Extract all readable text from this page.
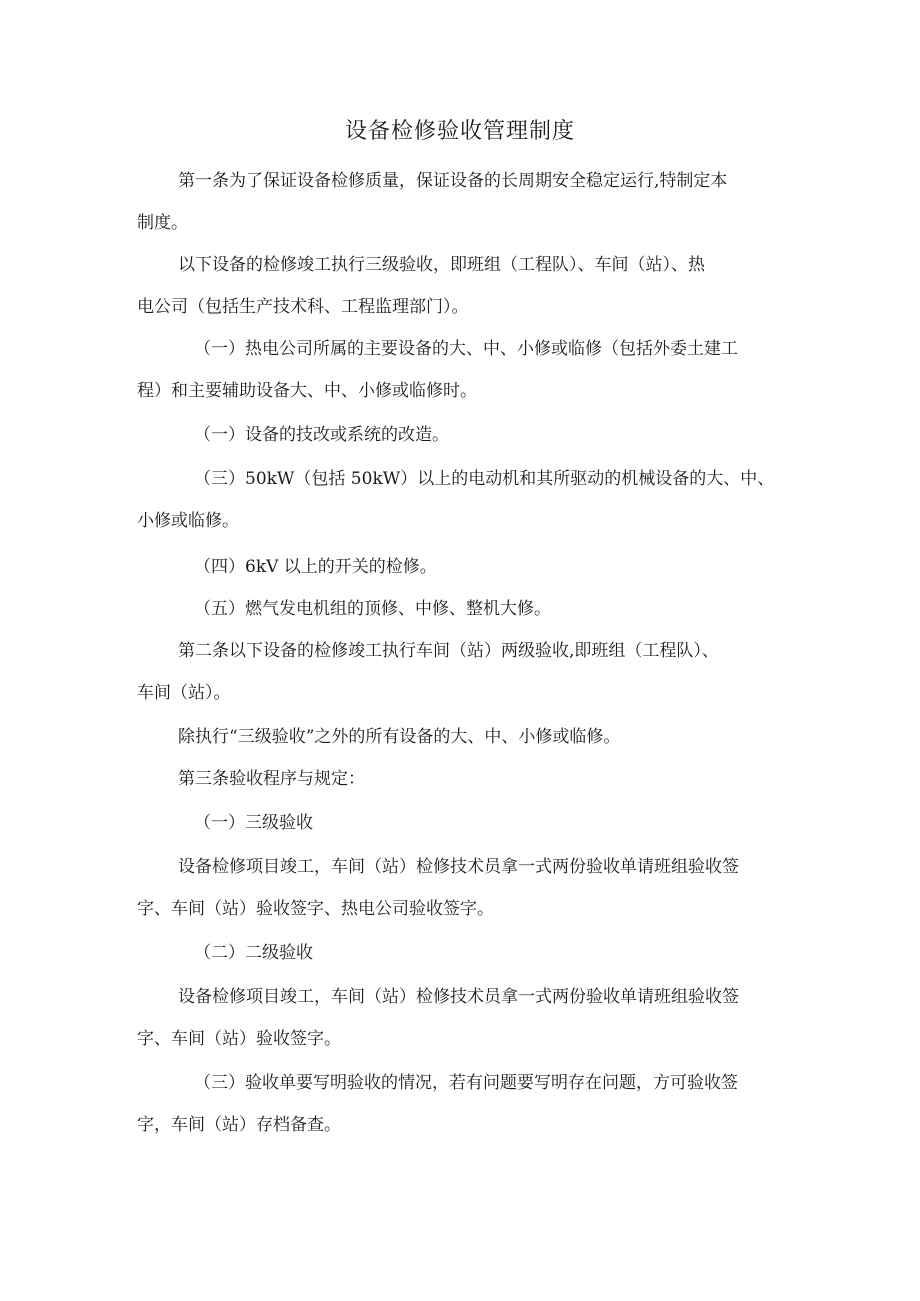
设备检修验收管理制度
第一条为了保证设备检修质量，保证设备的长周期安全稳定运行,特制定本
制度。
以下设备的检修竣工执行三级验收，即班组（工程队）、车间（站）、热
电公司（包括生产技术科、工程监理部门）。
（一）热电公司所属的主要设备的大、中、小修或临修（包括外委土建工
程）和主要辅助设备大、中、小修或临修时。
（一）设备的技改或系统的改造。
（三）50kW（包括 50kW）以上的电动机和其所驱动的机械设备的大、中、
小修或临修。
（四）6kV 以上的开关的检修。
（五）燃气发电机组的顶修、中修、整机大修。
第二条以下设备的检修竣工执行车间（站）两级验收,即班组（工程队）、
车间（站）。
除执行“三级验收”之外的所有设备的大、中、小修或临修。
第三条验收程序与规定：
（一）三级验收
设备检修项目竣工，车间（站）检修技术员拿一式两份验收单请班组验收签
字、车间（站）验收签字、热电公司验收签字。
（二）二级验收
设备检修项目竣工，车间（站）检修技术员拿一式两份验收单请班组验收签
字、车间（站）验收签字。
（三）验收单要写明验收的情况，若有问题要写明存在问题，方可验收签
字，车间（站）存档备查。
